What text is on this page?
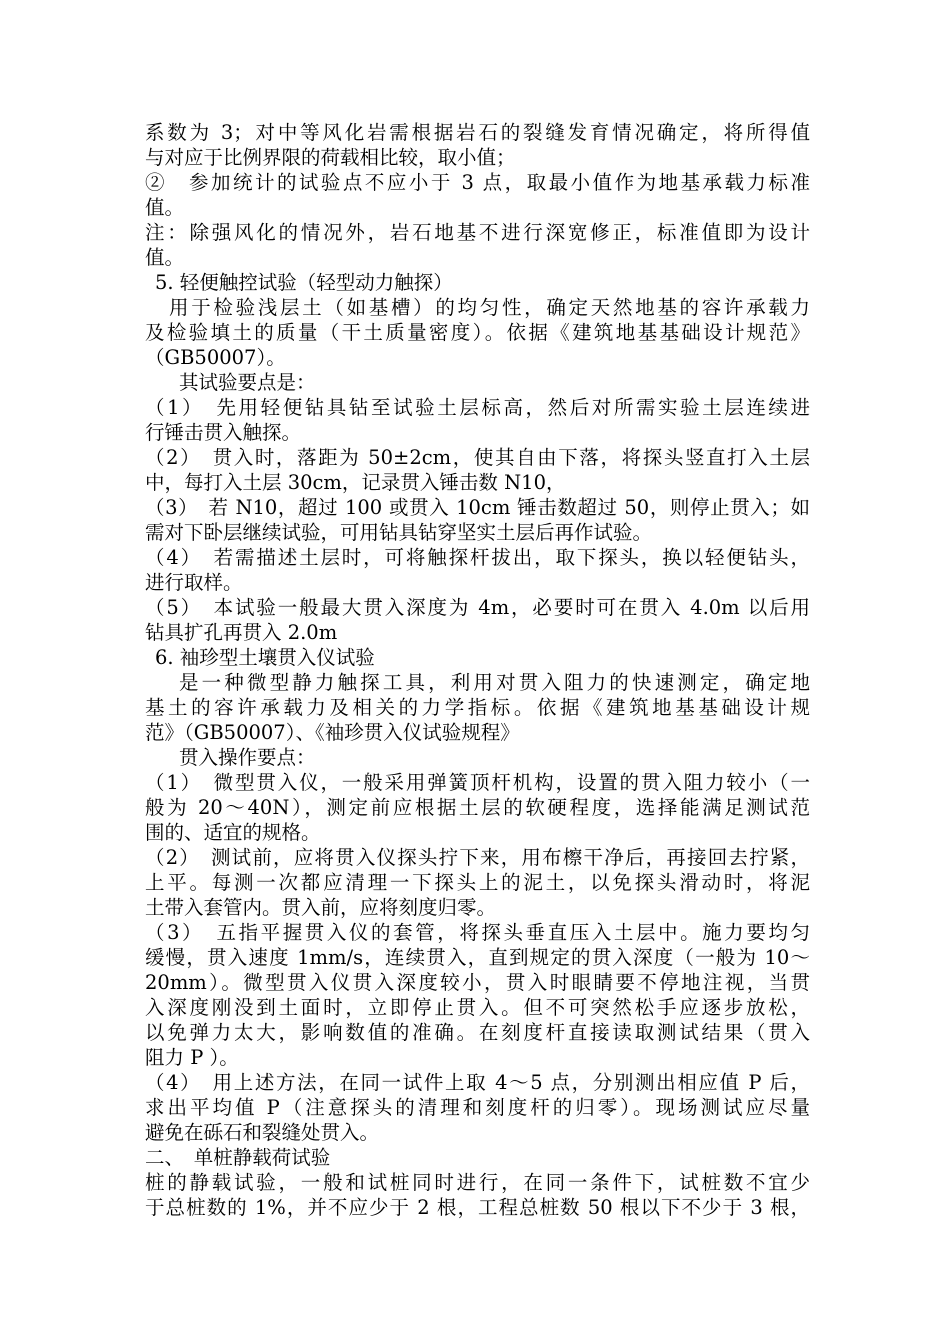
系数为 3；对中等风化岩需根据岩石的裂缝发育情况确定，将所得值
与对应于比例界限的荷载相比较，取小值；
②　参加统计的试验点不应小于 3 点，取最小值作为地基承载力标准
值。
注：除强风化的情况外，岩石地基不进行深宽修正，标准值即为设计
值。
5. 轻便触控试验（轻型动力触探）
用于检验浅层土（如基槽）的均匀性，确定天然地基的容许承载力
及检验填土的质量（干土质量密度）。依据《建筑地基基础设计规范》
（GB50007）。
其试验要点是：
（1）　先用轻便钻具钻至试验土层标高，然后对所需实验土层连续进
行锤击贯入触探。
（2）　贯入时，落距为 50±2cm，使其自由下落，将探头竖直打入土层
中，每打入土层 30cm，记录贯入锤击数 N10，
（3）　若 N10，超过 100 或贯入 10cm 锤击数超过 50，则停止贯入；如
需对下卧层继续试验，可用钻具钻穿坚实土层后再作试验。
（4）　若需描述土层时，可将触探杆拔出，取下探头，换以轻便钻头，
进行取样。
（5）　本试验一般最大贯入深度为 4m，必要时可在贯入 4.0m 以后用
钻具扩孔再贯入 2.0m
6. 袖珍型土壤贯入仪试验
是一种微型静力触探工具，利用对贯入阻力的快速测定，确定地
基土的容许承载力及相关的力学指标。依据《建筑地基基础设计规
范》（GB50007）、《袖珍贯入仪试验规程》
贯入操作要点：
（1）　微型贯入仪，一般采用弹簧顶杆机构，设置的贯入阻力较小（一
般为 20～40N），测定前应根据土层的软硬程度，选择能满足测试范
围的、适宜的规格。
（2）　测试前，应将贯入仪探头拧下来，用布檫干净后，再接回去拧紧，
上平。每测一次都应清理一下探头上的泥土，以免探头滑动时，将泥
土带入套管内。贯入前，应将刻度归零。
（3）　五指平握贯入仪的套管，将探头垂直压入土层中。施力要均匀
缓慢，贯入速度 1mm/s，连续贯入，直到规定的贯入深度（一般为 10～
20mm）。微型贯入仪贯入深度较小，贯入时眼睛要不停地注视，当贯
入深度刚没到土面时，立即停止贯入。但不可突然松手应逐步放松，
以免弹力太大，影响数值的准确。在刻度杆直接读取测试结果（贯入
阻力 P ）。
（4）　用上述方法，在同一试件上取 4～5 点，分别测出相应值 P 后，
求出平均值 P（注意探头的清理和刻度杆的归零）。现场测试应尽量
避免在砾石和裂缝处贯入。
二、　单桩静载荷试验
桩的静载试验，一般和试桩同时进行，在同一条件下，试桩数不宜少
于总桩数的 1%，并不应少于 2 根，工程总桩数 50 根以下不少于 3 根，
